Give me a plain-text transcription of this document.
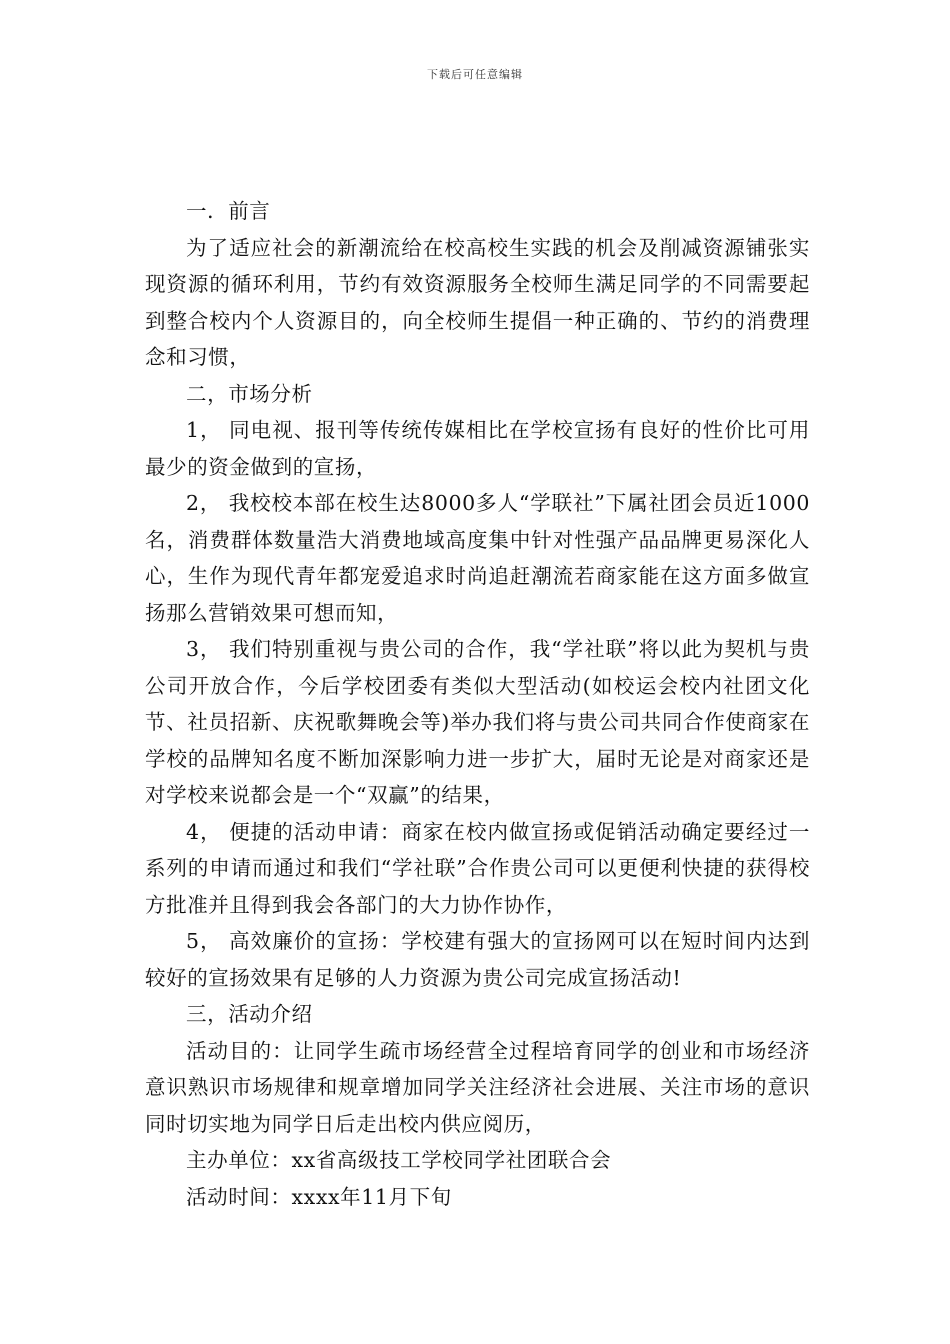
下载后可任意编辑

一．前言

为了适应社会的新潮流给在校高校生实践的机会及削减资源铺张实现资源的循环利用，节约有效资源服务全校师生满足同学的不同需要起到整合校内个人资源目的，向全校师生提倡一种正确的、节约的消费理念和习惯，

二，市场分析

1， 同电视、报刊等传统传媒相比在学校宣扬有良好的性价比可用最少的资金做到的宣扬，

2， 我校校本部在校生达8000多人“学联社”下属社团会员近1000名，消费群体数量浩大消费地域高度集中针对性强产品品牌更易深化人心，生作为现代青年都宠爱追求时尚追赶潮流若商家能在这方面多做宣扬那么营销效果可想而知，

3， 我们特别重视与贵公司的合作，我“学社联”将以此为契机与贵公司开放合作，今后学校团委有类似大型活动(如校运会校内社团文化节、社员招新、庆祝歌舞晚会等)举办我们将与贵公司共同合作使商家在学校的品牌知名度不断加深影响力进一步扩大，届时无论是对商家还是对学校来说都会是一个“双赢”的结果，

4， 便捷的活动申请：商家在校内做宣扬或促销活动确定要经过一系列的申请而通过和我们“学社联”合作贵公司可以更便利快捷的获得校方批准并且得到我会各部门的大力协作协作，

5， 高效廉价的宣扬：学校建有强大的宣扬网可以在短时间内达到较好的宣扬效果有足够的人力资源为贵公司完成宣扬活动!

三，活动介绍

活动目的：让同学生疏市场经营全过程培育同学的创业和市场经济意识熟识市场规律和规章增加同学关注经济社会进展、关注市场的意识同时切实地为同学日后走出校内供应阅历，

主办单位：xx省高级技工学校同学社团联合会

活动时间：xxxx年11月下旬
